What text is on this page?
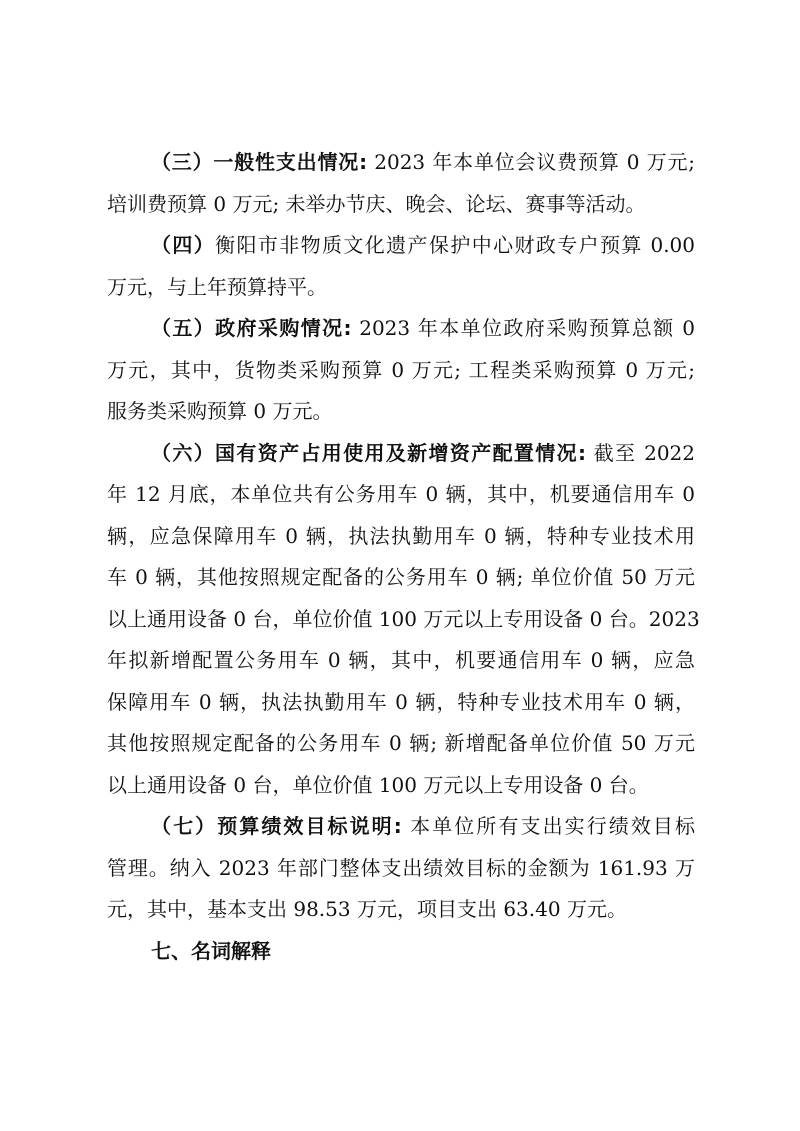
（三）一般性支出情况: 2023 年本单位会议费预算 0 万元;
培训费预算 0 万元; 未举办节庆、晚会、论坛、赛事等活动。

（四）衡阳市非物质文化遗产保护中心财政专户预算 0.00
万元，与上年预算持平。

（五）政府采购情况: 2023 年本单位政府采购预算总额 0
万元，其中，货物类采购预算 0 万元; 工程类采购预算 0 万元;
服务类采购预算 0 万元。

（六）国有资产占用使用及新增资产配置情况: 截至 2022
年 12 月底，本单位共有公务用车 0 辆，其中，机要通信用车 0
辆，应急保障用车 0 辆，执法执勤用车 0 辆，特种专业技术用
车 0 辆，其他按照规定配备的公务用车 0 辆; 单位价值 50 万元
以上通用设备 0 台，单位价值 100 万元以上专用设备 0 台。2023
年拟新增配置公务用车 0 辆，其中，机要通信用车 0 辆，应急
保障用车 0 辆，执法执勤用车 0 辆，特种专业技术用车 0 辆，
其他按照规定配备的公务用车 0 辆; 新增配备单位价值 50 万元
以上通用设备 0 台，单位价值 100 万元以上专用设备 0 台。

（七）预算绩效目标说明: 本单位所有支出实行绩效目标
管理。纳入 2023 年部门整体支出绩效目标的金额为 161.93 万
元，其中，基本支出 98.53 万元，项目支出 63.40 万元。

七、名词解释
